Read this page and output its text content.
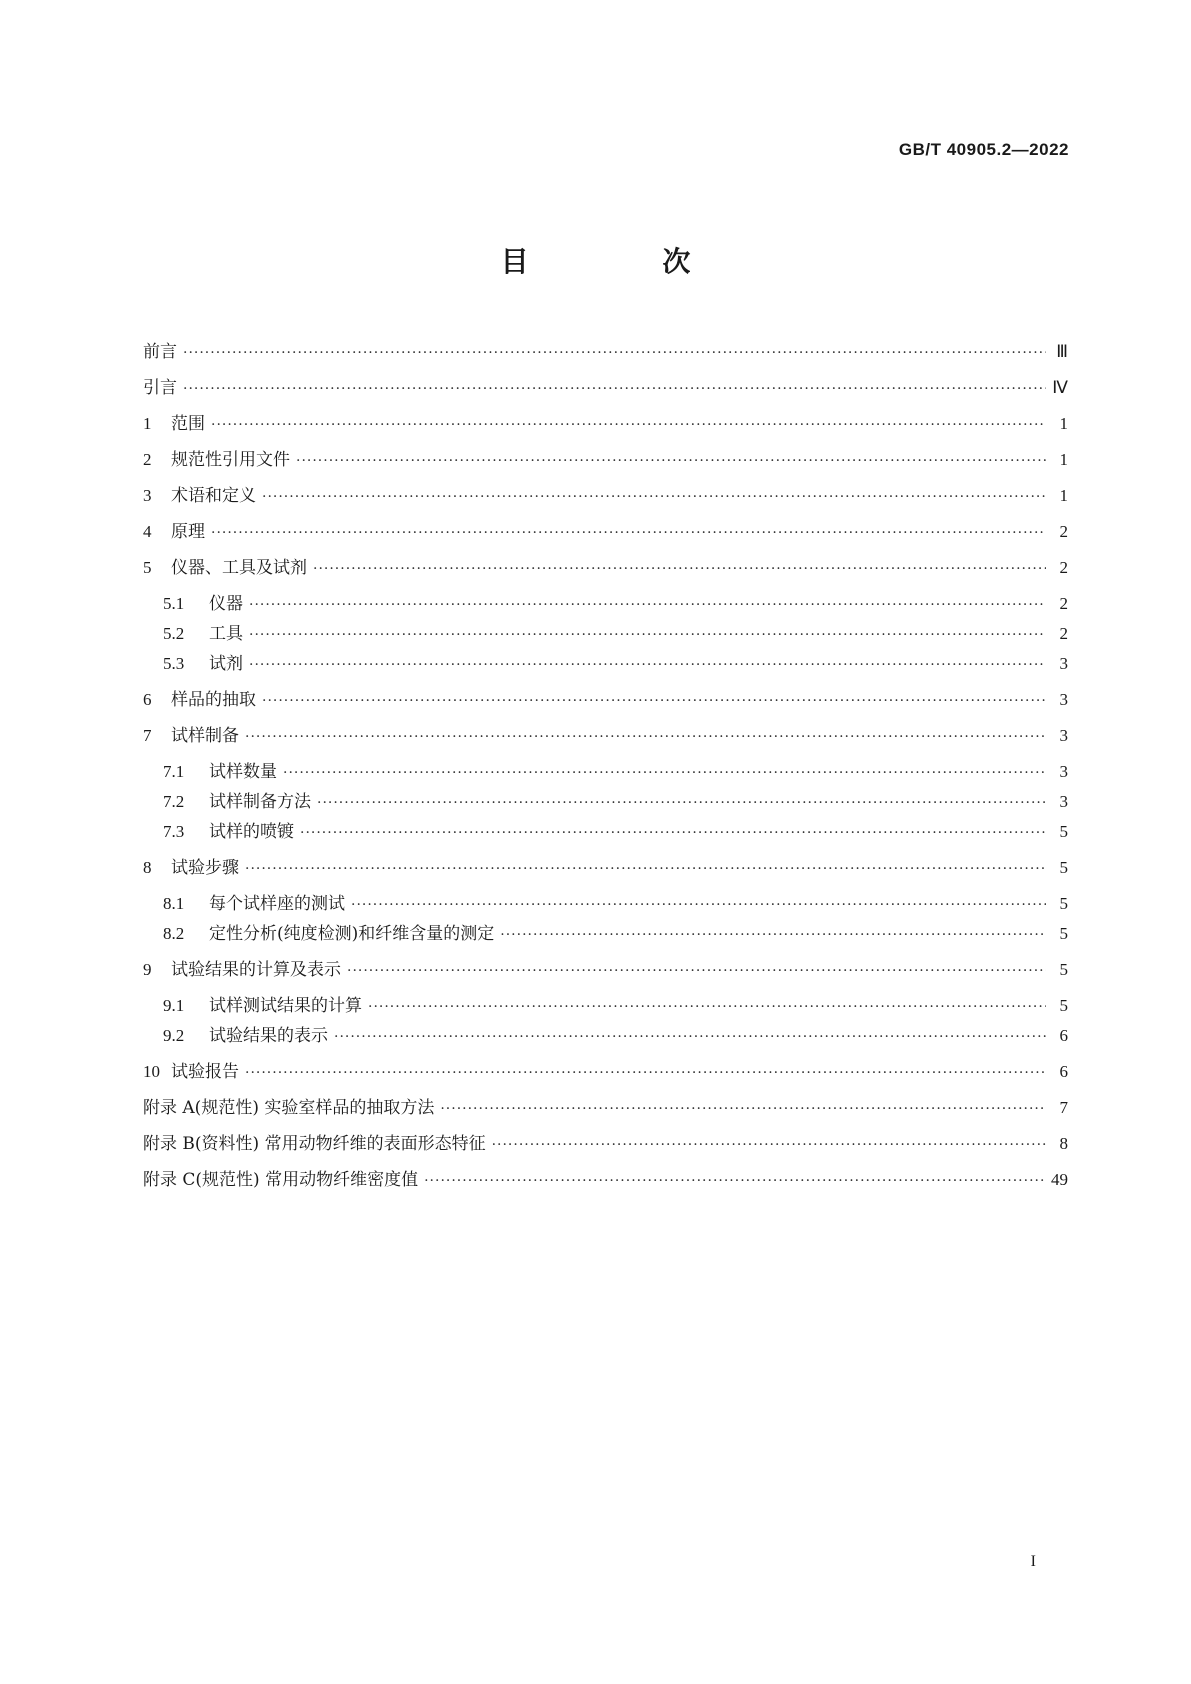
GB/T 40905.2—2022
目 次
前言 ·····	Ⅲ
引言 ·····	Ⅳ
1	范围 ·····	1
2	规范性引用文件 ·····	1
3	术语和定义 ·····	1
4	原理 ·····	2
5	仪器、工具及试剂 ·····	2
5.1	仪器 ·····	2
5.2	工具 ·····	2
5.3	试剂 ·····	3
6	样品的抽取 ·····	3
7	试样制备 ·····	3
7.1	试样数量 ·····	3
7.2	试样制备方法 ·····	3
7.3	试样的喷镀 ·····	5
8	试验步骤 ·····	5
8.1	每个试样座的测试 ·····	5
8.2	定性分析(纯度检测)和纤维含量的测定 ·····	5
9	试验结果的计算及表示 ·····	5
9.1	试样测试结果的计算 ·····	5
9.2	试验结果的表示 ·····	6
10 试验报告 ·····	6
附录 A(规范性) 实验室样品的抽取方法 ·····	7
附录 B(资料性) 常用动物纤维的表面形态特征 ·····	8
附录 C(规范性) 常用动物纤维密度值 ·····	49
I
